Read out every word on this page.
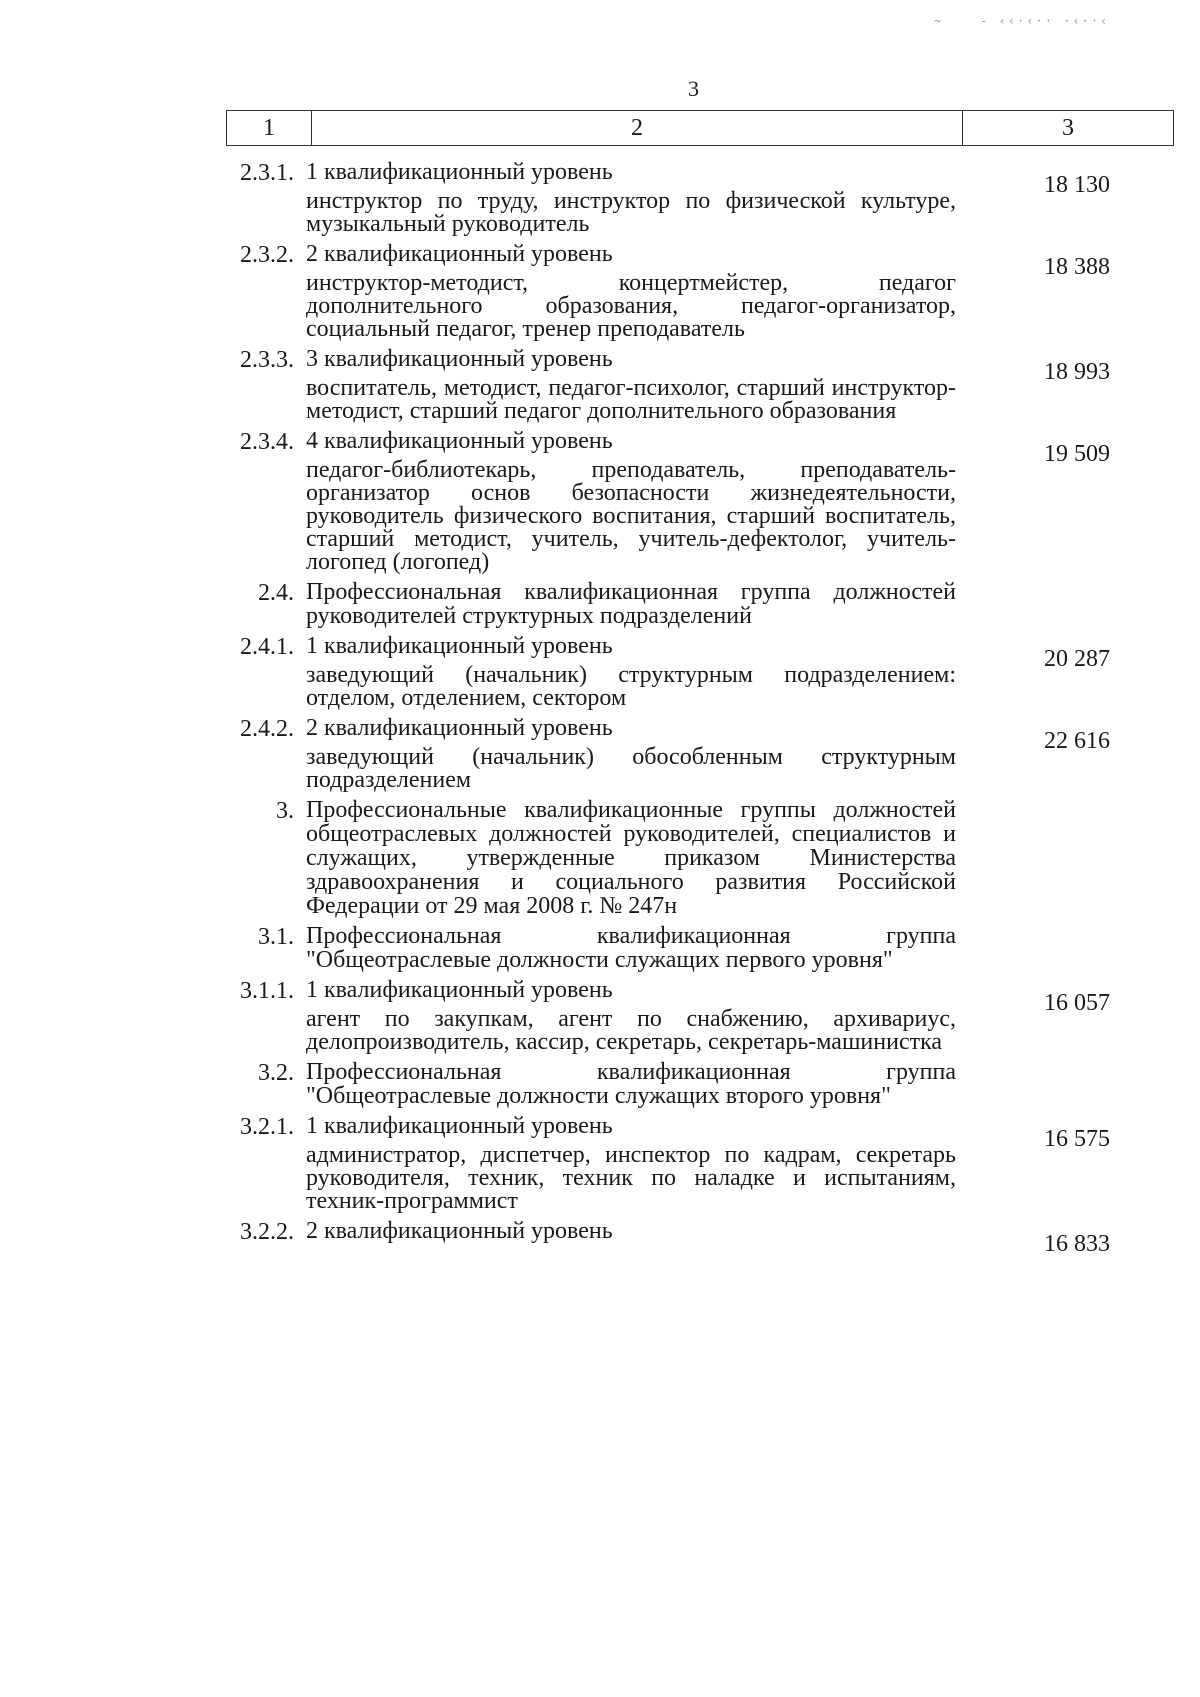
~    - ‹‹·‹·· ·‹··‹
3
1	2	3
2.3.1. 1 квалификационный уровень	18 130
инструктор по труду, инструктор по физической культуре, музыкальный руководитель
2.3.2. 2 квалификационный уровень	18 388
инструктор-методист, концертмейстер, педагог дополнительного образования, педагог-организатор, социальный педагог, тренер преподаватель
2.3.3. 3 квалификационный уровень	18 993
воспитатель, методист, педагог-психолог, старший инструктор-методист, старший педагог дополнительного образования
2.3.4. 4 квалификационный уровень	19 509
педагог-библиотекарь, преподаватель, преподаватель-организатор основ безопасности жизнедеятельности, руководитель физического воспитания, старший воспитатель, старший методист, учитель, учитель-дефектолог, учитель-логопед (логопед)
2.4. Профессиональная квалификационная группа должностей руководителей структурных подразделений
2.4.1. 1 квалификационный уровень	20 287
заведующий (начальник) структурным подразделением: отделом, отделением, сектором
2.4.2. 2 квалификационный уровень	22 616
заведующий (начальник) обособленным структурным подразделением
3. Профессиональные квалификационные группы должностей общеотраслевых должностей руководителей, специалистов и служащих, утвержденные приказом Министерства здравоохранения и социального развития Российской Федерации от 29 мая 2008 г. № 247н
3.1. Профессиональная квалификационная группа "Общеотраслевые должности служащих первого уровня"
3.1.1. 1 квалификационный уровень	16 057
агент по закупкам, агент по снабжению, архивариус, делопроизводитель, кассир, секретарь, секретарь-машинистка
3.2. Профессиональная квалификационная группа "Общеотраслевые должности служащих второго уровня"
3.2.1. 1 квалификационный уровень	16 575
администратор, диспетчер, инспектор по кадрам, секретарь руководителя, техник, техник по наладке и испытаниям, техник-программист
3.2.2. 2 квалификационный уровень	16 833
